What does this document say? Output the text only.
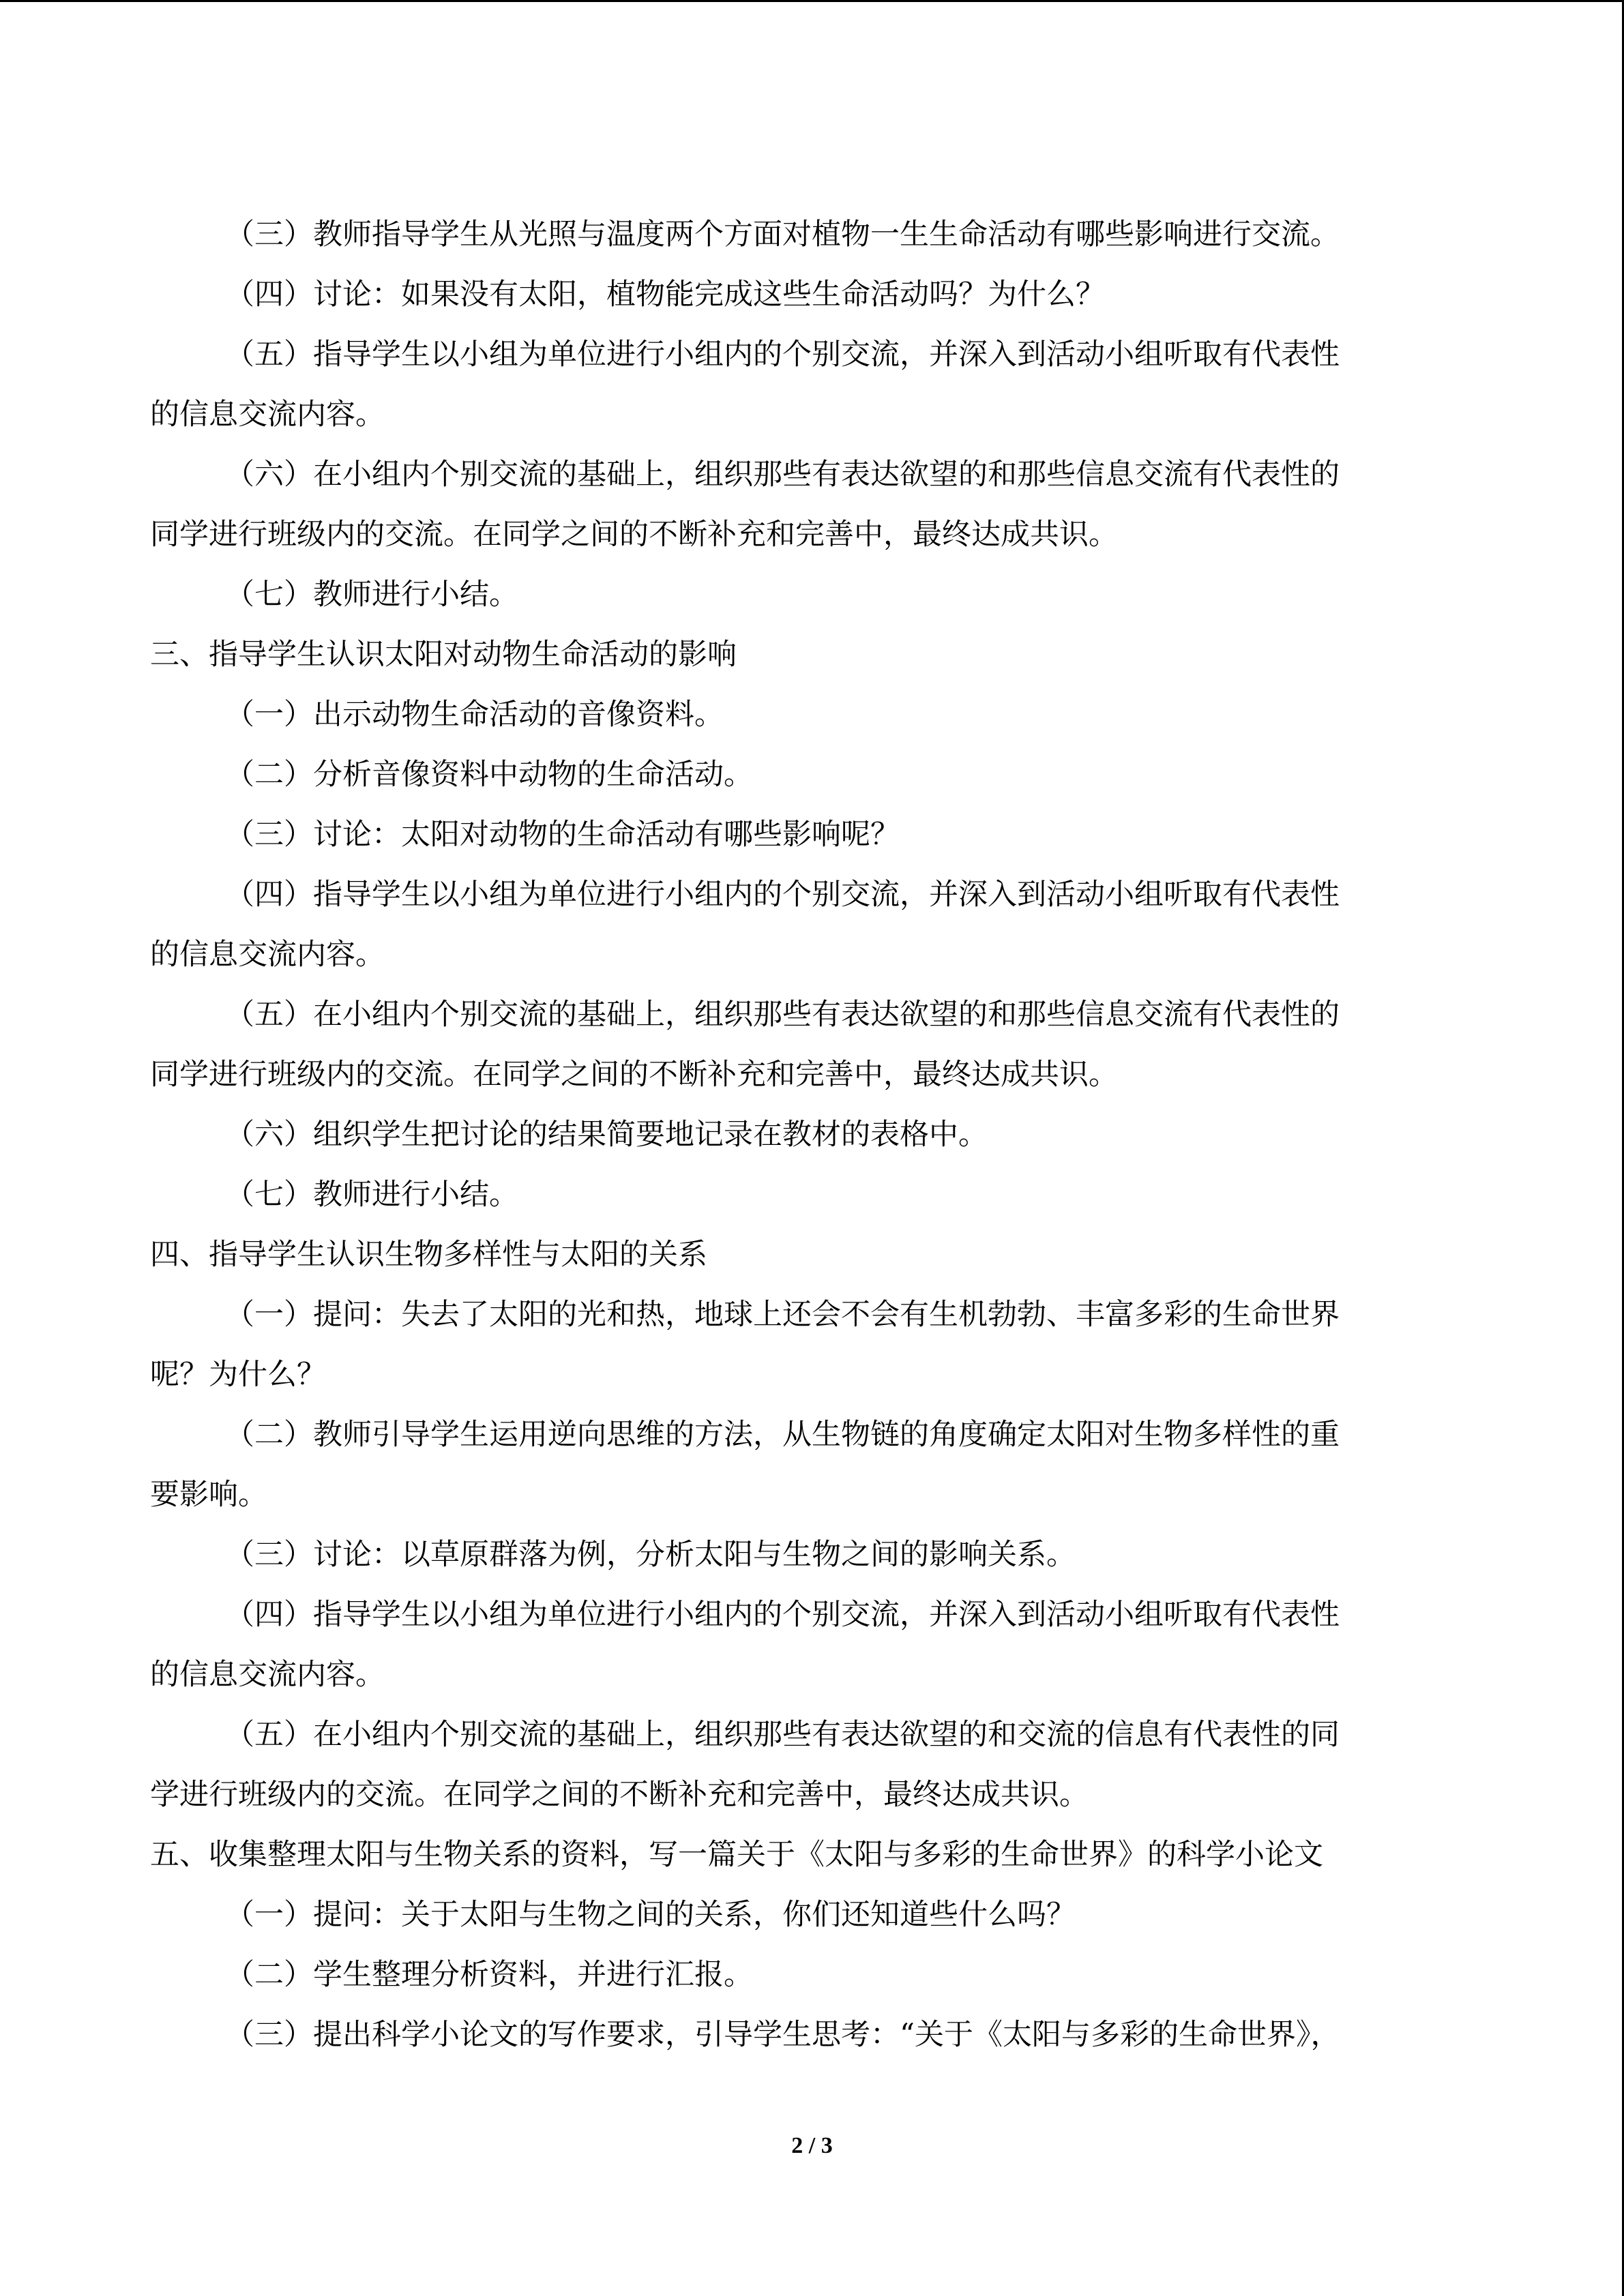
（三）教师指导学生从光照与温度两个方面对植物一生生命活动有哪些影响进行交流。

（四）讨论：如果没有太阳，植物能完成这些生命活动吗？为什么？

（五）指导学生以小组为单位进行小组内的个别交流，并深入到活动小组听取有代表性

的信息交流内容。

（六）在小组内个别交流的基础上，组织那些有表达欲望的和那些信息交流有代表性的

同学进行班级内的交流。在同学之间的不断补充和完善中，最终达成共识。

（七）教师进行小结。

三、指导学生认识太阳对动物生命活动的影响

（一）出示动物生命活动的音像资料。

（二）分析音像资料中动物的生命活动。

（三）讨论：太阳对动物的生命活动有哪些影响呢？

（四）指导学生以小组为单位进行小组内的个别交流，并深入到活动小组听取有代表性

的信息交流内容。

（五）在小组内个别交流的基础上，组织那些有表达欲望的和那些信息交流有代表性的

同学进行班级内的交流。在同学之间的不断补充和完善中，最终达成共识。

（六）组织学生把讨论的结果简要地记录在教材的表格中。

（七）教师进行小结。

四、指导学生认识生物多样性与太阳的关系

（一）提问：失去了太阳的光和热，地球上还会不会有生机勃勃、丰富多彩的生命世界

呢？为什么？

（二）教师引导学生运用逆向思维的方法，从生物链的角度确定太阳对生物多样性的重

要影响。

（三）讨论：以草原群落为例，分析太阳与生物之间的影响关系。

（四）指导学生以小组为单位进行小组内的个别交流，并深入到活动小组听取有代表性

的信息交流内容。

（五）在小组内个别交流的基础上，组织那些有表达欲望的和交流的信息有代表性的同

学进行班级内的交流。在同学之间的不断补充和完善中，最终达成共识。

五、收集整理太阳与生物关系的资料，写一篇关于《太阳与多彩的生命世界》的科学小论文

（一）提问：关于太阳与生物之间的关系，你们还知道些什么吗？

（二）学生整理分析资料，并进行汇报。

（三）提出科学小论文的写作要求，引导学生思考：“关于《太阳与多彩的生命世界》，

2 / 3
